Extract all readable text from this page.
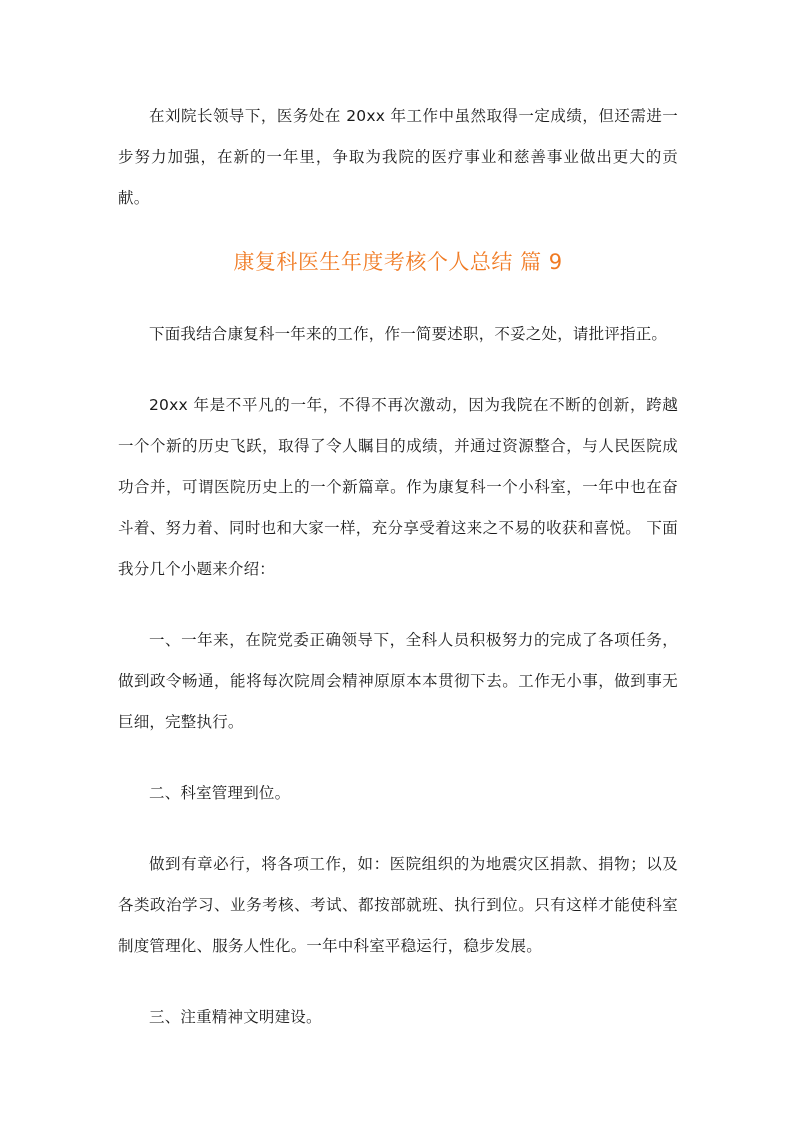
在刘院长领导下，医务处在 20xx 年工作中虽然取得一定成绩，但还需进一步努力加强，在新的一年里，争取为我院的医疗事业和慈善事业做出更大的贡献。

康复科医生年度考核个人总结 篇 9

下面我结合康复科一年来的工作，作一简要述职，不妥之处，请批评指正。

20xx 年是不平凡的一年，不得不再次激动，因为我院在不断的创新，跨越一个个新的历史飞跃，取得了令人瞩目的成绩，并通过资源整合，与人民医院成功合并，可谓医院历史上的一个新篇章。作为康复科一个小科室，一年中也在奋斗着、努力着、同时也和大家一样，充分享受着这来之不易的收获和喜悦。 下面我分几个小题来介绍：

一、一年来，在院党委正确领导下，全科人员积极努力的完成了各项任务，做到政令畅通，能将每次院周会精神原原本本贯彻下去。工作无小事，做到事无巨细，完整执行。

二、科室管理到位。

做到有章必行，将各项工作，如：医院组织的为地震灾区捐款、捐物；以及各类政治学习、业务考核、考试、都按部就班、执行到位。只有这样才能使科室制度管理化、服务人性化。一年中科室平稳运行，稳步发展。

三、注重精神文明建设。
